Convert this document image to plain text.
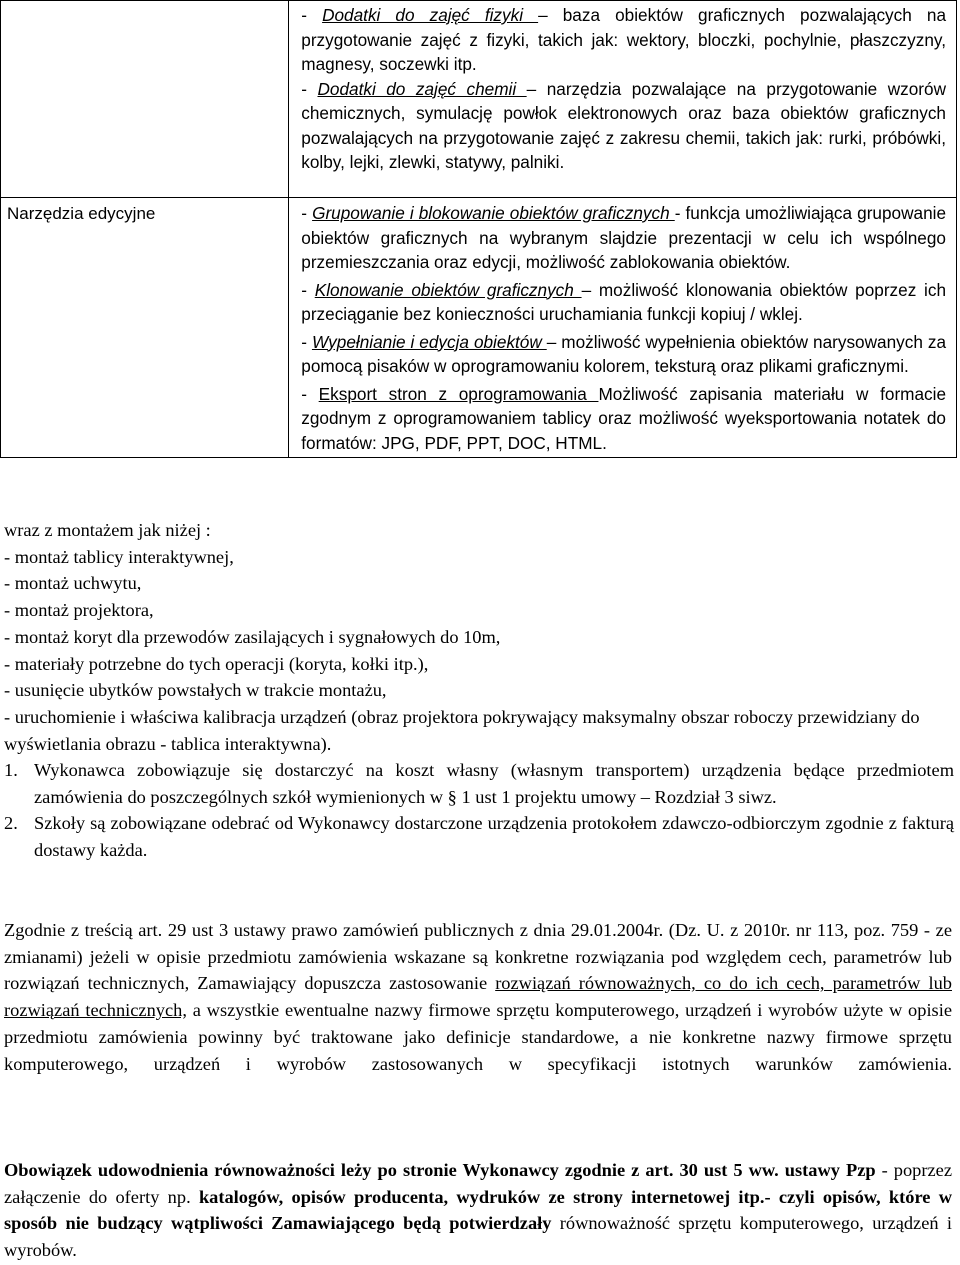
	- Dodatki do zajęć fizyki – baza obiektów graficznych pozwalających na przygotowanie zajęć z fizyki, takich jak: wektory, bloczki, pochylnie, płaszczyzny, magnesy, soczewki itp.

- Dodatki do zajęć chemii – narzędzia pozwalające na przygotowanie wzorów chemicznych, symulację powłok elektronowych oraz baza obiektów graficznych pozwalających na przygotowanie zajęć z zakresu chemii, takich jak: rurki, próbówki, kolby, lejki, zlewki, statywy, palniki.

Narzędzia edycyjne	- Grupowanie i blokowanie obiektów graficznych - funkcja umożliwiająca grupowanie obiektów graficznych na wybranym slajdzie prezentacji w celu ich wspólnego przemieszczania oraz edycji, możliwość zablokowania obiektów.

- Klonowanie obiektów graficznych – możliwość klonowania obiektów poprzez ich przeciąganie bez konieczności uruchamiania funkcji kopiuj / wklej.

- Wypełnianie i edycja obiektów – możliwość wypełnienia obiektów narysowanych za pomocą pisaków w oprogramowaniu kolorem, teksturą oraz plikami graficznymi.

- Eksport stron z oprogramowania Możliwość zapisania materiału w formacie zgodnym z oprogramowaniem tablicy oraz możliwość wyeksportowania notatek do formatów: JPG, PDF, PPT, DOC, HTML.

wraz z montażem jak niżej :

- montaż tablicy interaktywnej,

- montaż uchwytu,

- montaż projektora,

- montaż koryt dla przewodów zasilających i sygnałowych do 10m,

- materiały potrzebne do tych operacji (koryta, kołki itp.),

- usunięcie ubytków powstałych w trakcie montażu,

- uruchomienie i właściwa kalibracja urządzeń (obraz projektora pokrywający maksymalny obszar roboczy przewidziany do wyświetlania obrazu - tablica interaktywna).

1. Wykonawca zobowiązuje się dostarczyć na koszt własny (własnym transportem) urządzenia będące przedmiotem zamówienia do poszczególnych szkół wymienionych w § 1 ust 1 projektu umowy – Rozdział 3 siwz.
2. Szkoły są zobowiązane odebrać od Wykonawcy dostarczone urządzenia protokołem zdawczo-odbiorczym zgodnie z fakturą dostawy każda.

Zgodnie z treścią art. 29 ust 3 ustawy prawo zamówień publicznych z dnia 29.01.2004r. (Dz. U. z 2010r. nr 113, poz. 759 - ze zmianami) jeżeli w opisie przedmiotu zamówienia wskazane są konkretne rozwiązania pod względem cech, parametrów lub rozwiązań technicznych, Zamawiający dopuszcza zastosowanie rozwiązań równoważnych, co do ich cech, parametrów lub rozwiązań technicznych, a wszystkie ewentualne nazwy firmowe sprzętu komputerowego, urządzeń i wyrobów użyte w opisie przedmiotu zamówienia powinny być traktowane jako definicje standardowe, a nie konkretne nazwy firmowe sprzętu komputerowego, urządzeń i wyrobów zastosowanych w specyfikacji istotnych warunków zamówienia.

Obowiązek udowodnienia równoważności leży po stronie Wykonawcy zgodnie z art. 30 ust 5 ww. ustawy Pzp - poprzez załączenie do oferty np. katalogów, opisów producenta, wydruków ze strony internetowej itp.- czyli opisów, które w sposób nie budzący wątpliwości Zamawiającego będą potwierdzały równoważność sprzętu komputerowego, urządzeń i wyrobów.
